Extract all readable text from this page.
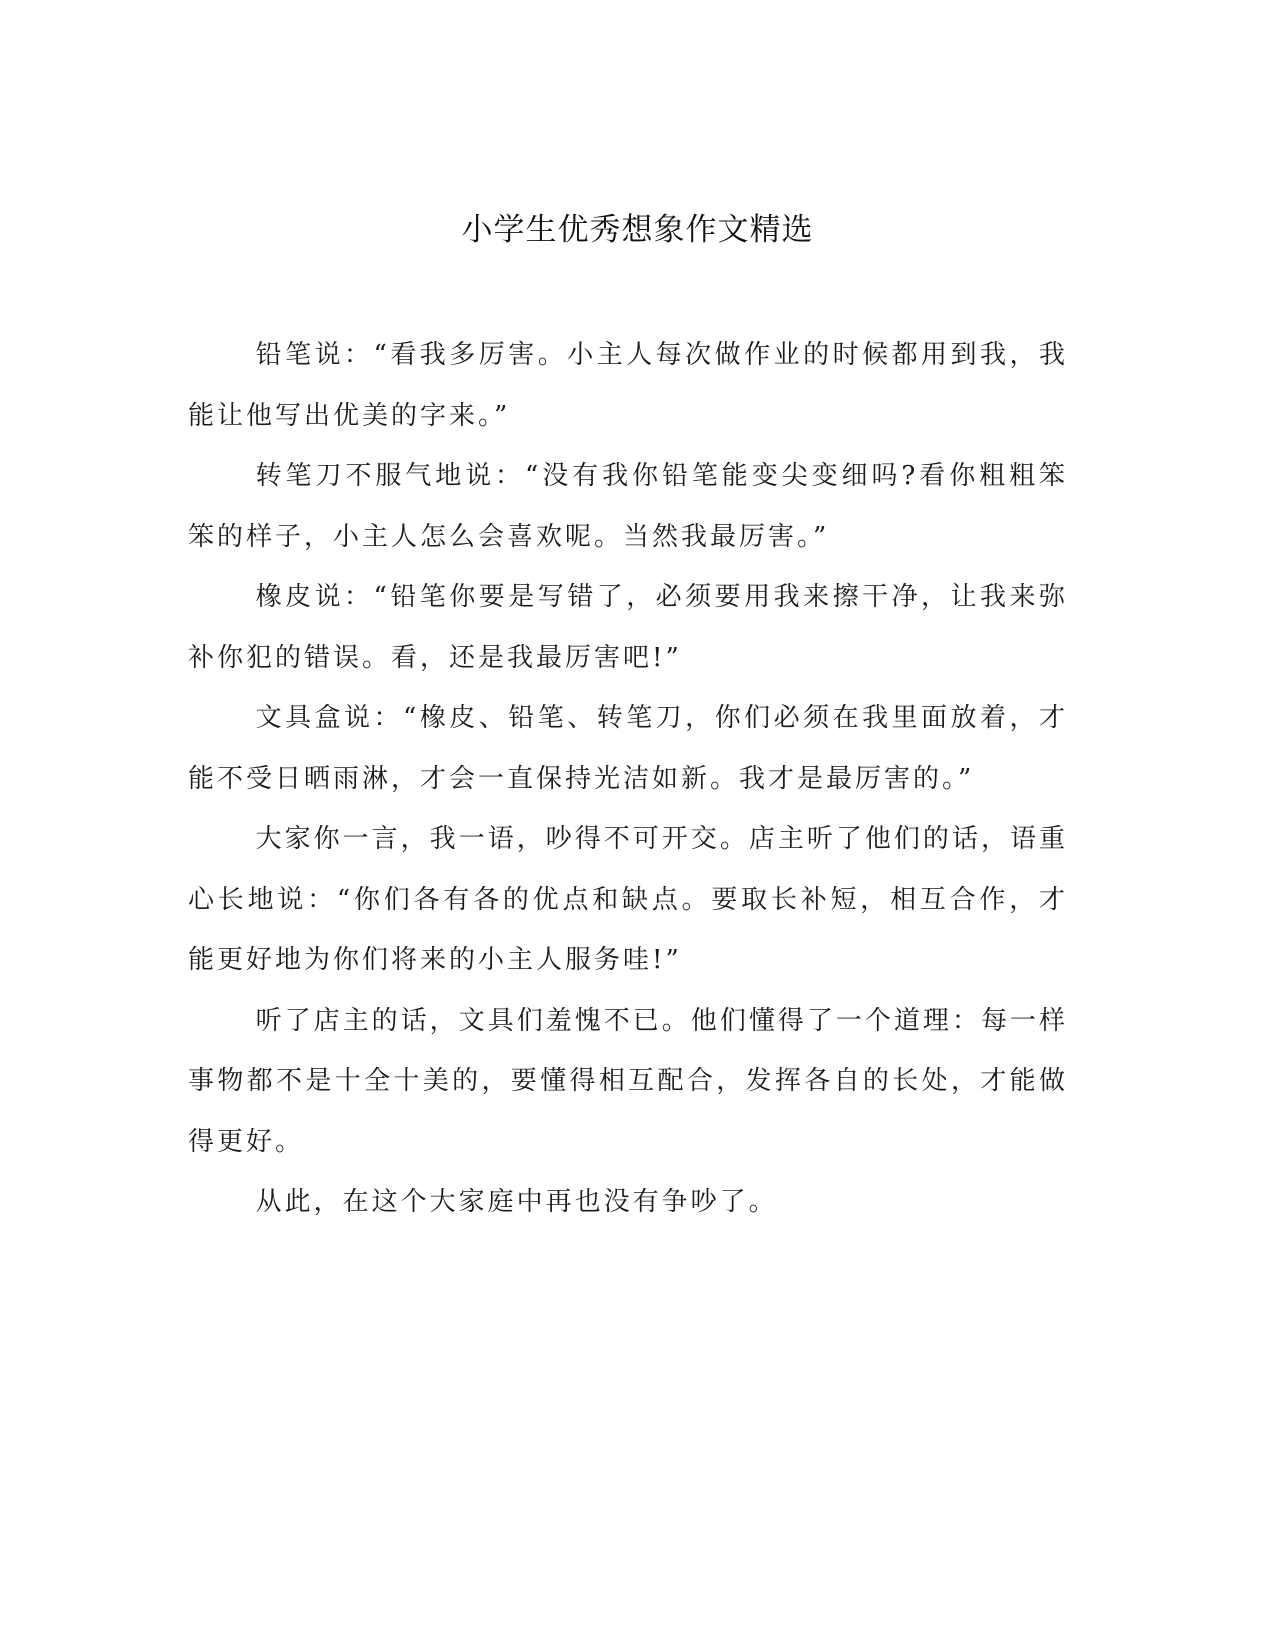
小学生优秀想象作文精选

铅笔说：“看我多厉害。小主人每次做作业的时候都用到我，我能让他写出优美的字来。”

转笔刀不服气地说：“没有我你铅笔能变尖变细吗?看你粗粗笨笨的样子，小主人怎么会喜欢呢。当然我最厉害。”

橡皮说：“铅笔你要是写错了，必须要用我来擦干净，让我来弥补你犯的错误。看，还是我最厉害吧!”

文具盒说：“橡皮、铅笔、转笔刀，你们必须在我里面放着，才能不受日晒雨淋，才会一直保持光洁如新。我才是最厉害的。”

大家你一言，我一语，吵得不可开交。店主听了他们的话，语重心长地说：“你们各有各的优点和缺点。要取长补短，相互合作，才能更好地为你们将来的小主人服务哇!”

听了店主的话，文具们羞愧不已。他们懂得了一个道理：每一样事物都不是十全十美的，要懂得相互配合，发挥各自的长处，才能做得更好。

从此，在这个大家庭中再也没有争吵了。
